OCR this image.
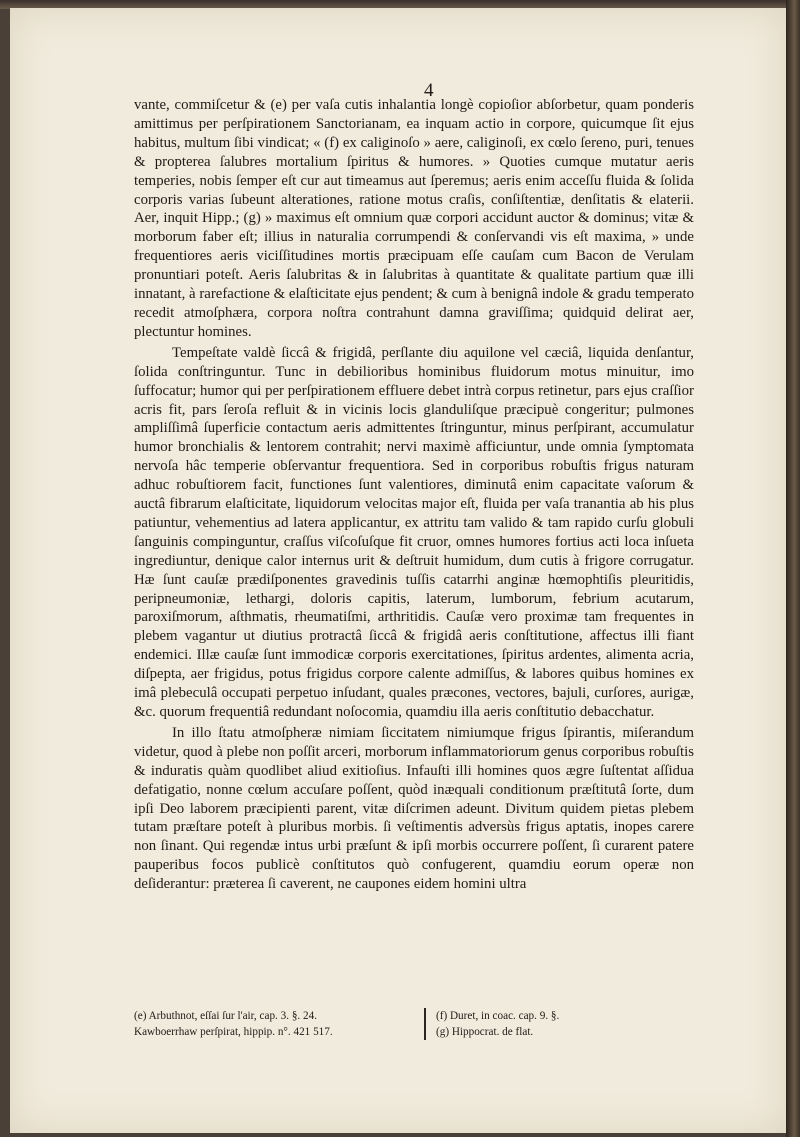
4

vante, commiſcetur & (e) per vaſa cutis inhalantia longè copioſior abſorbetur, quam ponderis amittimus per perſpirationem Sanctorianam, ea inquam actio in corpore, quicumque ſit ejus habitus, multum ſibi vindicat; « (f) ex caliginoſo » aere, caliginoſi, ex cœlo ſereno, puri, tenues & propterea ſalubres mortalium ſpiritus & humores. » Quoties cumque mutatur aeris temperies, nobis ſemper eſt cur aut timeamus aut ſperemus; aeris enim acceſſu fluida & ſolida corporis varias ſubeunt alterationes, ratione motus craſis, conſiſtentiæ, denſitatis & elaterii. Aer, inquit Hipp.; (g) » maximus eſt omnium quæ corpori accidunt auctor & dominus; vitæ & morborum faber eſt; illius in naturalia corrumpendi & conſervandi vis eſt maxima, » unde frequentiores aeris viciſſitudines mortis præcipuam eſſe cauſam cum Bacon de Verulam pronuntiari poteſt. Aeris ſalubritas & in ſalubritas à quantitate & qualitate partium quæ illi innatant, à rarefactione & elaſticitate ejus pendent; & cum à benignâ indole & gradu temperato recedit atmoſphæra, corpora noſtra contrahunt damna graviſſima; quidquid delirat aer, plectuntur homines.

Tempeſtate valdè ſiccâ & frigidâ, perſlante diu aquilone vel cæciâ, liquida denſantur, ſolida conſtringuntur. Tunc in debilioribus hominibus fluidorum motus minuitur, imo ſuffocatur; humor qui per perſpirationem effluere debet intrà corpus retinetur, pars ejus craſſior acris fit, pars ſeroſa refluit & in vicinis locis glanduliſque præcipuè congeritur; pulmones ampliſſimâ ſuperficie contactum aeris admittentes ſtringuntur, minus perſpirant, accumulatur humor bronchialis & lentorem contrahit; nervi maximè afficiuntur, unde omnia ſymptomata nervoſa hâc temperie obſervantur frequentiora. Sed in corporibus robuſtis frigus naturam adhuc robuſtiorem facit, functiones ſunt valentiores, diminutâ enim capacitate vaſorum & auctâ fibrarum elaſticitate, liquidorum velocitas major eſt, fluida per vaſa tranantia ab his plus patiuntur, vehementius ad latera applicantur, ex attritu tam valido & tam rapido curſu globuli ſanguinis compinguntur, craſſus viſcoſuſque fit cruor, omnes humores fortius acti loca inſueta ingrediuntur, denique calor internus urit & deſtruit humidum, dum cutis à frigore corrugatur. Hæ ſunt cauſæ prædiſponentes gravedinis tuſſis catarrhi anginæ hœmophtiſis pleuritidis, peripneumoniæ, lethargi, doloris capitis, laterum, lumborum, febrium acutarum, paroxiſmorum, aſthmatis, rheumatiſmi, arthritidis. Cauſæ vero proximæ tam frequentes in plebem vagantur ut diutius protractâ ſiccâ & frigidâ aeris conſtitutione, affectus illi fiant endemici. Illæ cauſæ ſunt immodicæ corporis exercitationes, ſpiritus ardentes, alimenta acria, diſpepta, aer frigidus, potus frigidus corpore calente admiſſus, & labores quibus homines ex imâ plebeculâ occupati perpetuo inſudant, quales præcones, vectores, bajuli, curſores, aurigæ, &c. quorum frequentiâ redundant noſocomia, quamdiu illa aeris conſtitutio debacchatur.

In illo ſtatu atmoſpheræ nimiam ſiccitatem nimiumque frigus ſpirantis, miſerandum videtur, quod à plebe non poſſit arceri, morborum inflammatoriorum genus corporibus robuſtis & induratis quàm quodlibet aliud exitioſius. Infauſti illi homines quos ægre ſuſtentat aſſidua defatigatio, nonne cœlum accuſare poſſent, quòd inæquali conditionum præſtitutâ ſorte, dum ipſi Deo laborem præcipienti parent, vitæ diſcrimen adeunt. Divitum quidem pietas plebem tutam præſtare poteſt à pluribus morbis. ſi veſtimentis adversùs frigus aptatis, inopes carere non ſinant. Qui regendæ intus urbi præſunt & ipſi morbis occurrere poſſent, ſi curarent patere pauperibus focos publicè conſtitutos quò confugerent, quamdiu eorum operæ non deſiderantur: præterea ſi caverent, ne caupones eidem homini ultra

(e) Arbuthnot, eſſai ſur l'air, cap. 3. §. 24.
Kawboerrhaw perſpirat, hippip. n°. 421 517.
(f) Duret, in coac. cap. 9. §.
(g) Hippocrat. de flat.
